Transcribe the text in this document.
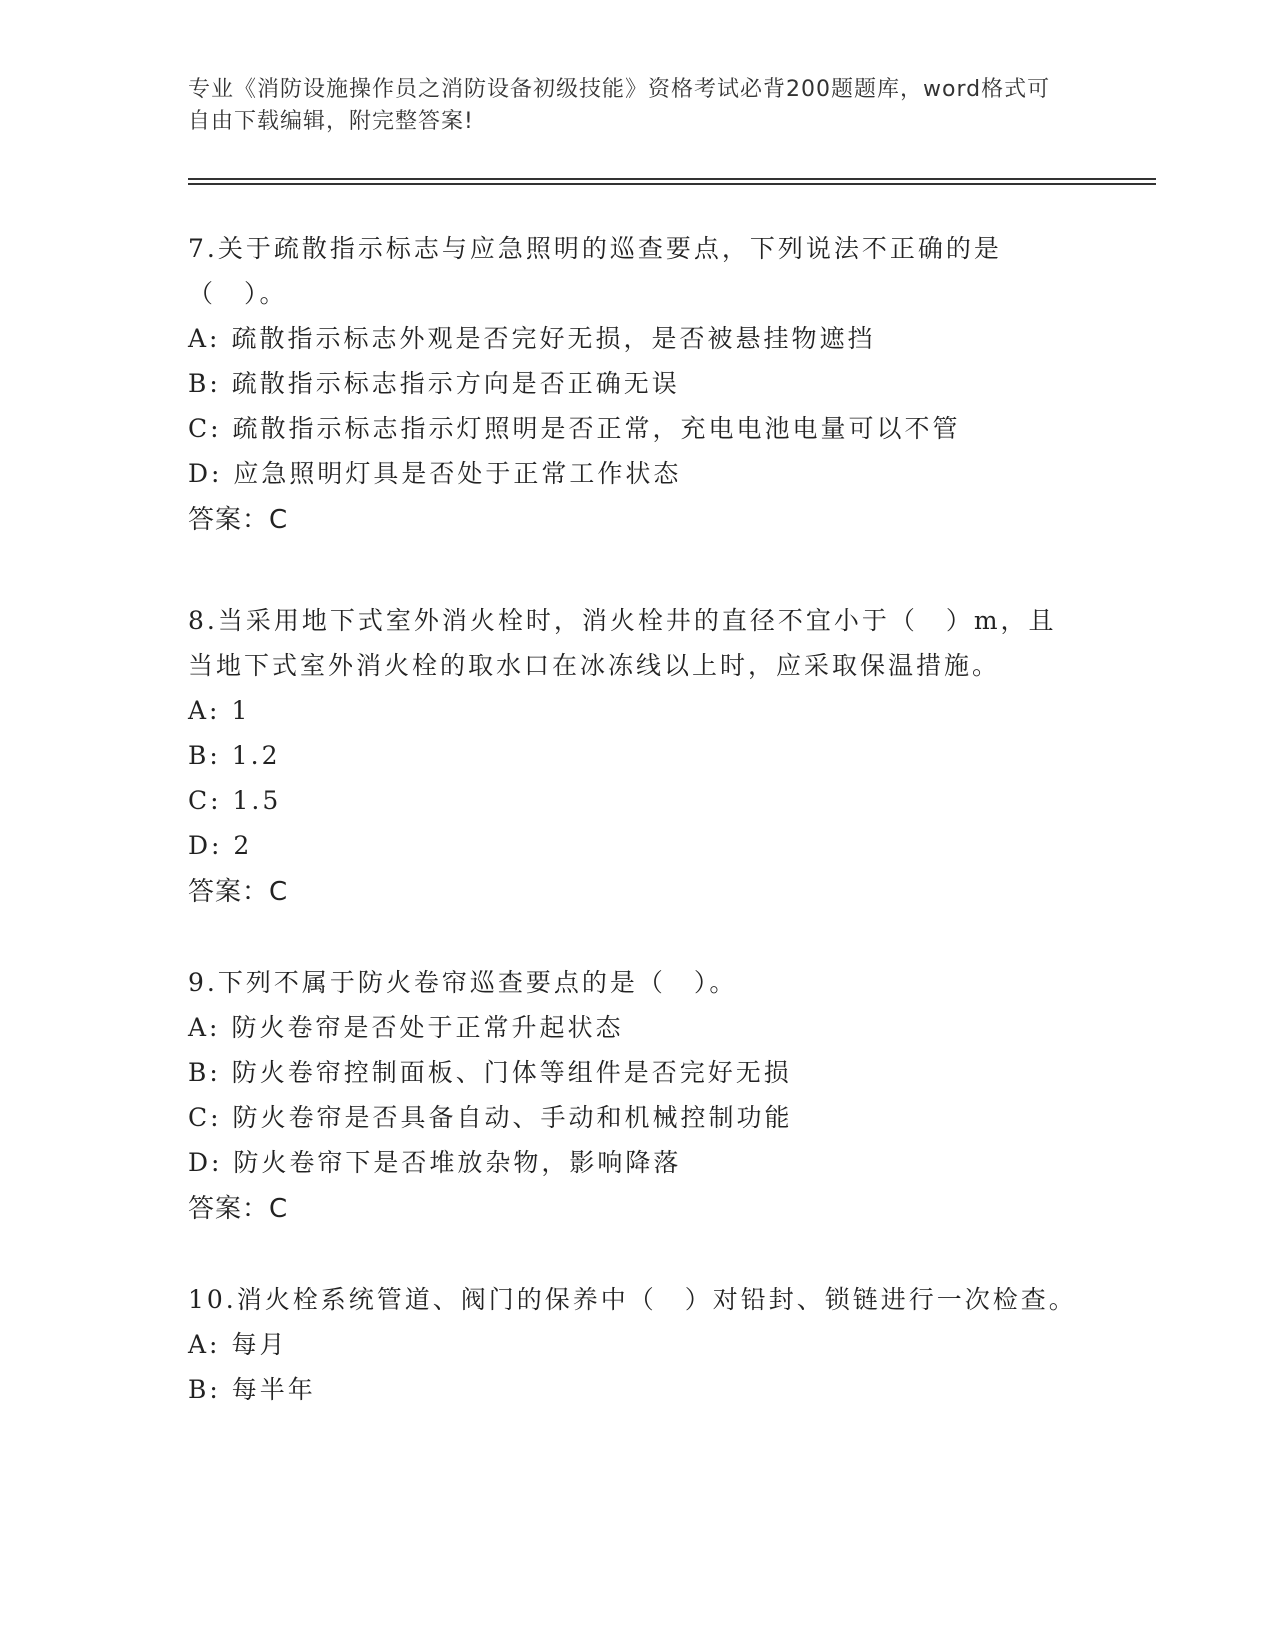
专业《消防设施操作员之消防设备初级技能》资格考试必背200题题库，word格式可自由下载编辑，附完整答案!

7.关于疏散指示标志与应急照明的巡查要点，下列说法不正确的是（　）。

A: 疏散指示标志外观是否完好无损，是否被悬挂物遮挡

B: 疏散指示标志指示方向是否正确无误

C: 疏散指示标志指示灯照明是否正常，充电电池电量可以不管

D: 应急照明灯具是否处于正常工作状态

答案：C

8.当采用地下式室外消火栓时，消火栓井的直径不宜小于（　）m，且当地下式室外消火栓的取水口在冰冻线以上时，应采取保温措施。

A: 1

B: 1.2

C: 1.5

D: 2

答案：C

9.下列不属于防火卷帘巡查要点的是（　）。

A: 防火卷帘是否处于正常升起状态

B: 防火卷帘控制面板、门体等组件是否完好无损

C: 防火卷帘是否具备自动、手动和机械控制功能

D: 防火卷帘下是否堆放杂物，影响降落

答案：C

10.消火栓系统管道、阀门的保养中（　）对铅封、锁链进行一次检查。

A: 每月

B: 每半年
